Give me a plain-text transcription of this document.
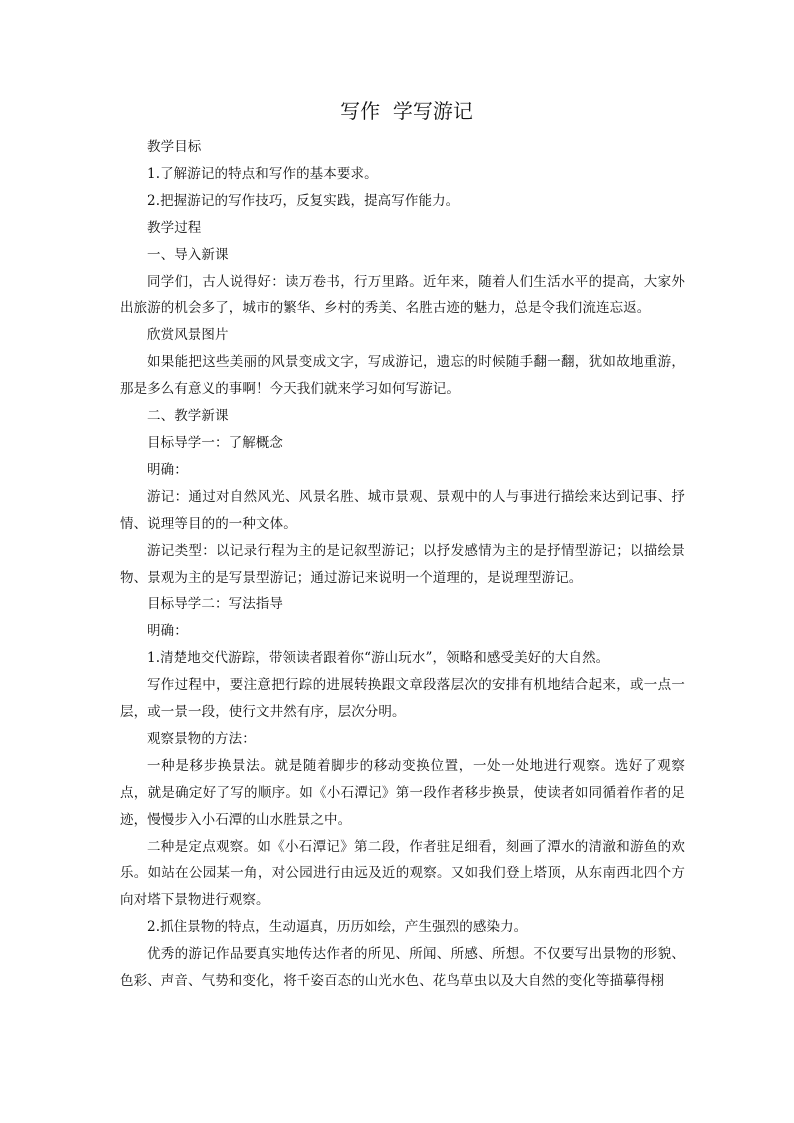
写作  学写游记

教学目标

1.了解游记的特点和写作的基本要求。

2.把握游记的写作技巧，反复实践，提高写作能力。

教学过程

一、导入新课

同学们，古人说得好：读万卷书，行万里路。近年来，随着人们生活水平的提高，大家外出旅游的机会多了，城市的繁华、乡村的秀美、名胜古迹的魅力，总是令我们流连忘返。

欣赏风景图片

如果能把这些美丽的风景变成文字，写成游记，遗忘的时候随手翻一翻，犹如故地重游，那是多么有意义的事啊！今天我们就来学习如何写游记。

二、教学新课

目标导学一：了解概念

明确：

游记：通过对自然风光、风景名胜、城市景观、景观中的人与事进行描绘来达到记事、抒情、说理等目的的一种文体。

游记类型：以记录行程为主的是记叙型游记；以抒发感情为主的是抒情型游记；以描绘景物、景观为主的是写景型游记；通过游记来说明一个道理的，是说理型游记。

目标导学二：写法指导

明确：

1.清楚地交代游踪，带领读者跟着你“游山玩水”，领略和感受美好的大自然。

写作过程中，要注意把行踪的进展转换跟文章段落层次的安排有机地结合起来，或一点一层，或一景一段，使行文井然有序，层次分明。

观察景物的方法：

一种是移步换景法。就是随着脚步的移动变换位置，一处一处地进行观察。选好了观察点，就是确定好了写的顺序。如《小石潭记》第一段作者移步换景，使读者如同循着作者的足迹，慢慢步入小石潭的山水胜景之中。

二种是定点观察。如《小石潭记》第二段，作者驻足细看，刻画了潭水的清澈和游鱼的欢乐。如站在公园某一角，对公园进行由远及近的观察。又如我们登上塔顶，从东南西北四个方向对塔下景物进行观察。

2.抓住景物的特点，生动逼真，历历如绘，产生强烈的感染力。

优秀的游记作品要真实地传达作者的所见、所闻、所感、所想。不仅要写出景物的形貌、色彩、声音、气势和变化，将千姿百态的山光水色、花鸟草虫以及大自然的变化等描摹得栩
